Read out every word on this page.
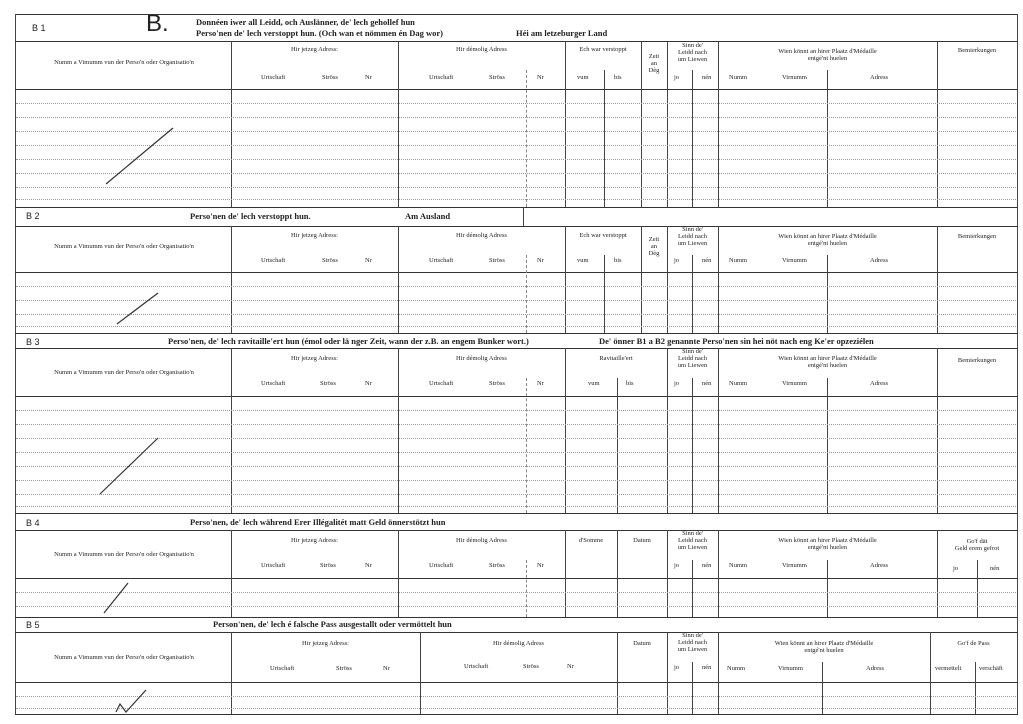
B 1	B.	Donnéen iwer all Leidd, och Auslänner, de' lech gehollef hun
Perso'nen de' lech verstoppt hun. (Och wan et nömmen én Dag wor)	Héi am letzeburger Land
Numm a Vimumm vun der Perso'n oder Organisatio'n
Hir jetzeg Adress:
Urtschaft	Ströss	Nr
Hir démolig Adress
Urtschaft	Ströss	Nr
Ech war verstoppt
vum	bis
Zeit
an
Dèg
Sinn de'
Leidd nach
um Liewen
jo	nén
Wien könnt an hirer Plaatz d'Médaille
entgé'nt huelen
Numm	Virnumm	Adress
Bemierkungen
B 2	Perso'nen de' lech verstoppt hun.	Am Ausland
Numm a Vimumm vun der Perso'n oder Organisatio'n
Hir jetzeg Adress:
Urtschaft	Ströss	Nr
Hir démolig Adress
Urtschaft	Ströss	Nr
Ech war verstoppt
vum	bis
Zeit
an
Dèg
Sinn de'
Leidd nach
um Liewen
jo	nén
Wien könnt an hirer Plaatz d'Médaille
entgé'nt huelen
Numm	Virnumm	Adress
Bemierkungen
B 3	Perso'nen, de' lech ravitaille'ert hun (émol oder lä nger Zeit, wann der z.B. an engem Bunker wort.)	De' önner B1 a B2 genannte Perso'nen sin hei nöt nach eng Ke'er opzeziélen
Numm a Vimumm vun der Perso'n oder Organisatio'n
Hir jetzeg Adress:
Urtschaft	Ströss	Nr
Hir démolig Adress
Urtschaft	Ströss	Nr
Ravitaille'ert
vum	bis
Sinn de'
Leidd nach
um Liewen
jo	nén
Wien könnt an hirer Plaatz d'Médaille
entgé'nt huelen
Numm	Virnumm	Adress
Bemierkungen
B 4	Perso'nen, de' lech während Erer Illégalitét matt Geld önnerstötzt hun
Numm a Vimumm vun der Perso'n oder Organisatio'n
Hir jetzeg Adress:
Urtschaft	Ströss	Nr
Hir démolig Adress
Urtschaft	Ströss	Nr
d'Somme	Datum
Sinn de'
Leidd nach
um Liewen
jo	nén
Wien könnt an hirer Plaatz d'Médaille
entgé'nt huelen
Numm	Virnumm	Adress
Go'f dät
Geld erem gefrot
jo	nén
B 5	Person'nen, de' lech é falsche Pass ausgestallt oder vermöttelt hun
Numm a Vimumm vun der Perso'n oder Organisatio'n
Hir jetzeg Adress:
Urtschaft	Ströss	Nr
Hir démolig Adress
Urtschaft	Ströss	Nr
Datum
Sinn de'
Leidd nach
um Liewen
jo	nén
Wien könnt an hirer Plaatz d'Médaille
entgé'nt huelen
Numm	Virnumm	Adress
Go'f de Pass
vermettelt	verschäft
